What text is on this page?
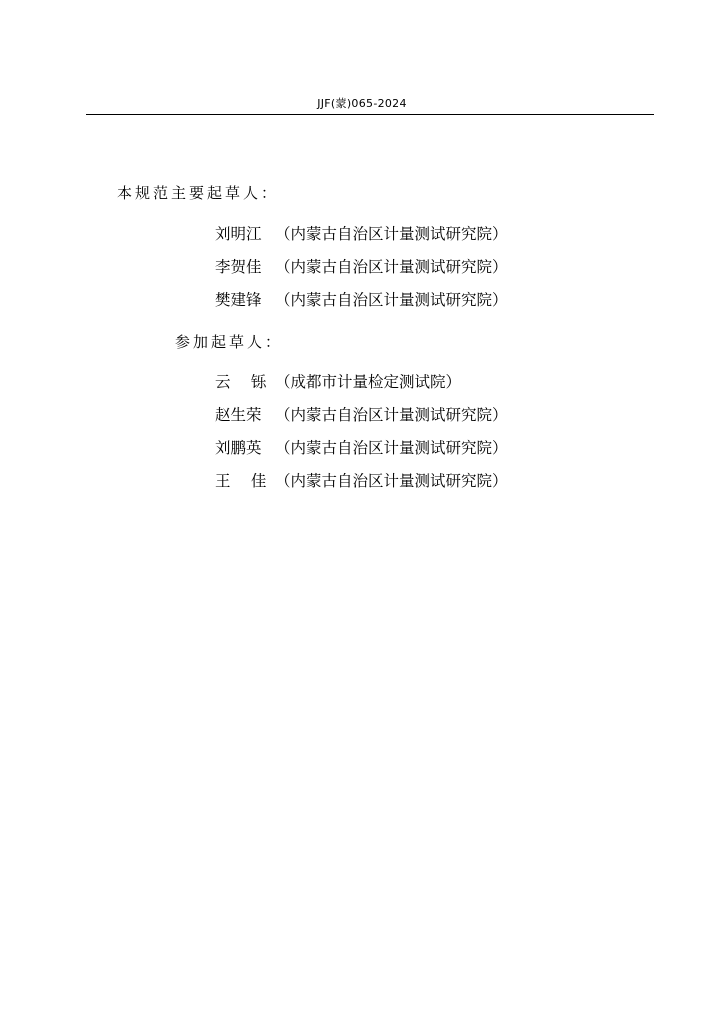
JJF(蒙)065-2024
本规范主要起草人：
刘明江 （内蒙古自治区计量测试研究院）
李贺佳 （内蒙古自治区计量测试研究院）
樊建锋 （内蒙古自治区计量测试研究院）
参加起草人：
云　 铄 （成都市计量检定测试院）
赵生荣 （内蒙古自治区计量测试研究院）
刘鹏英 （内蒙古自治区计量测试研究院）
王　 佳 （内蒙古自治区计量测试研究院）
